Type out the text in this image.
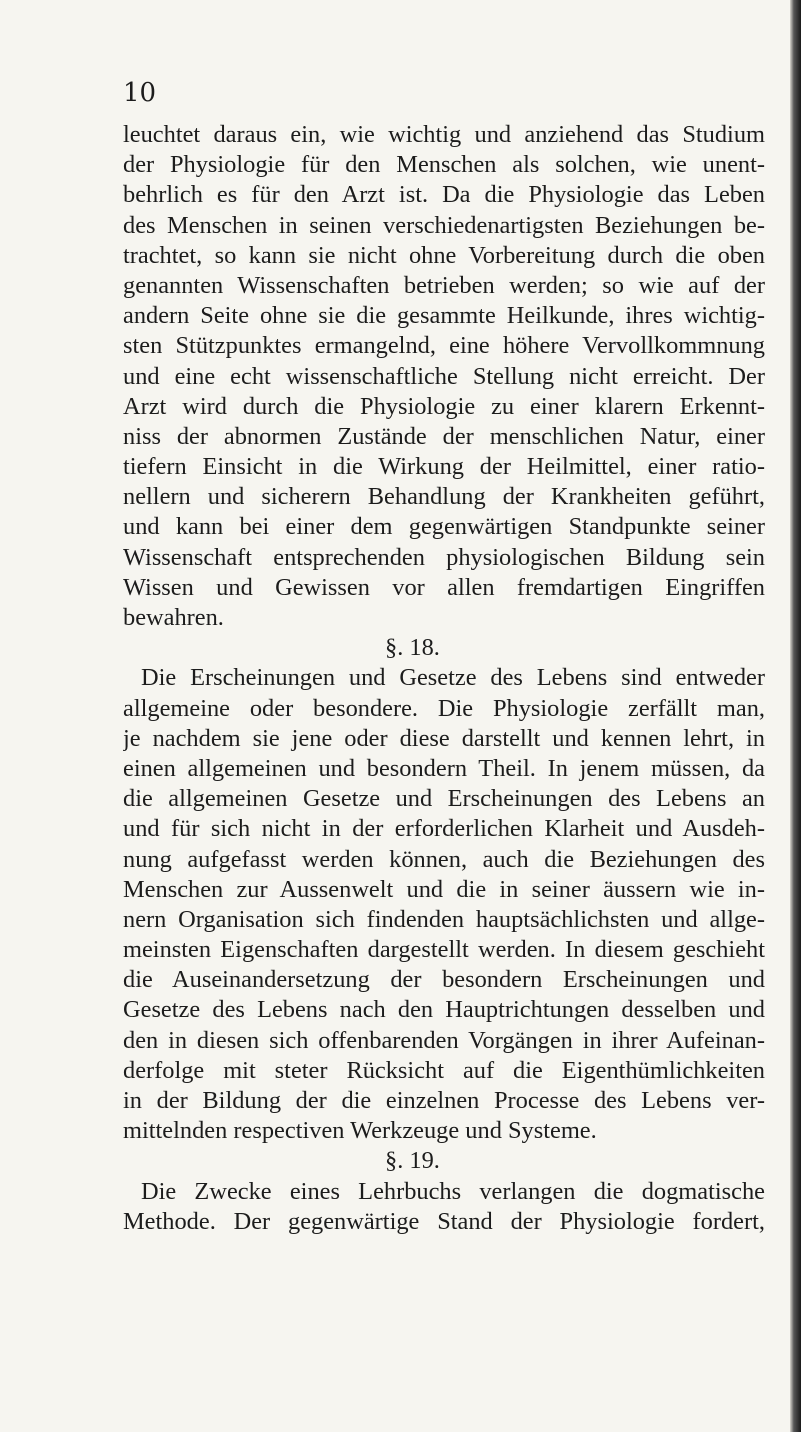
10
leuchtet daraus ein, wie wichtig und anziehend das Studium
der Physiologie für den Menschen als solchen, wie unent-
behrlich es für den Arzt ist. Da die Physiologie das Leben
des Menschen in seinen verschiedenartigsten Beziehungen be-
trachtet, so kann sie nicht ohne Vorbereitung durch die oben
genannten Wissenschaften betrieben werden; so wie auf der
andern Seite ohne sie die gesammte Heilkunde, ihres wichtig-
sten Stützpunktes ermangelnd, eine höhere Vervollkommnung
und eine echt wissenschaftliche Stellung nicht erreicht. Der
Arzt wird durch die Physiologie zu einer klarern Erkennt-
niss der abnormen Zustände der menschlichen Natur, einer
tiefern Einsicht in die Wirkung der Heilmittel, einer ratio-
nellern und sicherern Behandlung der Krankheiten geführt,
und kann bei einer dem gegenwärtigen Standpunkte seiner
Wissenschaft entsprechenden physiologischen Bildung sein
Wissen und Gewissen vor allen fremdartigen Eingriffen
bewahren.
§. 18.
Die Erscheinungen und Gesetze des Lebens sind entweder
allgemeine oder besondere. Die Physiologie zerfällt man,
je nachdem sie jene oder diese darstellt und kennen lehrt, in
einen allgemeinen und besondern Theil. In jenem müssen, da
die allgemeinen Gesetze und Erscheinungen des Lebens an
und für sich nicht in der erforderlichen Klarheit und Ausdeh-
nung aufgefasst werden können, auch die Beziehungen des
Menschen zur Aussenwelt und die in seiner äussern wie in-
nern Organisation sich findenden hauptsächlichsten und allge-
meinsten Eigenschaften dargestellt werden. In diesem geschieht
die Auseinandersetzung der besondern Erscheinungen und
Gesetze des Lebens nach den Hauptrichtungen desselben und
den in diesen sich offenbarenden Vorgängen in ihrer Aufeinan-
derfolge mit steter Rücksicht auf die Eigenthümlichkeiten
in der Bildung der die einzelnen Processe des Lebens ver-
mittelnden respectiven Werkzeuge und Systeme.
§. 19.
Die Zwecke eines Lehrbuchs verlangen die dogmatische
Methode. Der gegenwärtige Stand der Physiologie fordert,
